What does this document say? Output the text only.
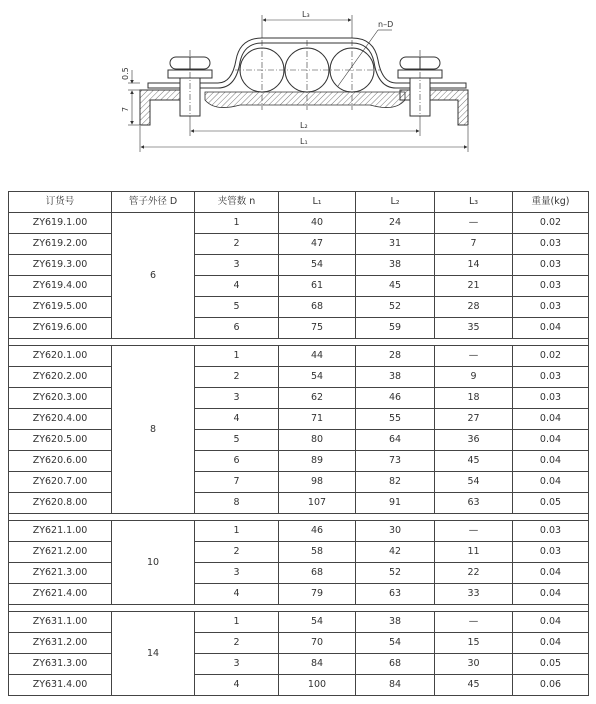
L₃
n–D
L₂
L₁
0.5
7
订货号	管子外径 D	夹管数 n	L₁	L₂	L₃	重量(kg)
ZY619.1.00	6	1	40	24	—	0.02
ZY619.2.00		2	47	31	7	0.03
ZY619.3.00		3	54	38	14	0.03
ZY619.4.00		4	61	45	21	0.03
ZY619.5.00		5	68	52	28	0.03
ZY619.6.00		6	75	59	35	0.04

ZY620.1.00	8	1	44	28	—	0.02
ZY620.2.00		2	54	38	9	0.03
ZY620.3.00		3	62	46	18	0.03
ZY620.4.00		4	71	55	27	0.04
ZY620.5.00		5	80	64	36	0.04
ZY620.6.00		6	89	73	45	0.04
ZY620.7.00		7	98	82	54	0.04
ZY620.8.00		8	107	91	63	0.05

ZY621.1.00	10	1	46	30	—	0.03
ZY621.2.00		2	58	42	11	0.03
ZY621.3.00		3	68	52	22	0.04
ZY621.4.00		4	79	63	33	0.04

ZY631.1.00	14	1	54	38	—	0.04
ZY631.2.00		2	70	54	15	0.04
ZY631.3.00		3	84	68	30	0.05
ZY631.4.00		4	100	84	45	0.06
